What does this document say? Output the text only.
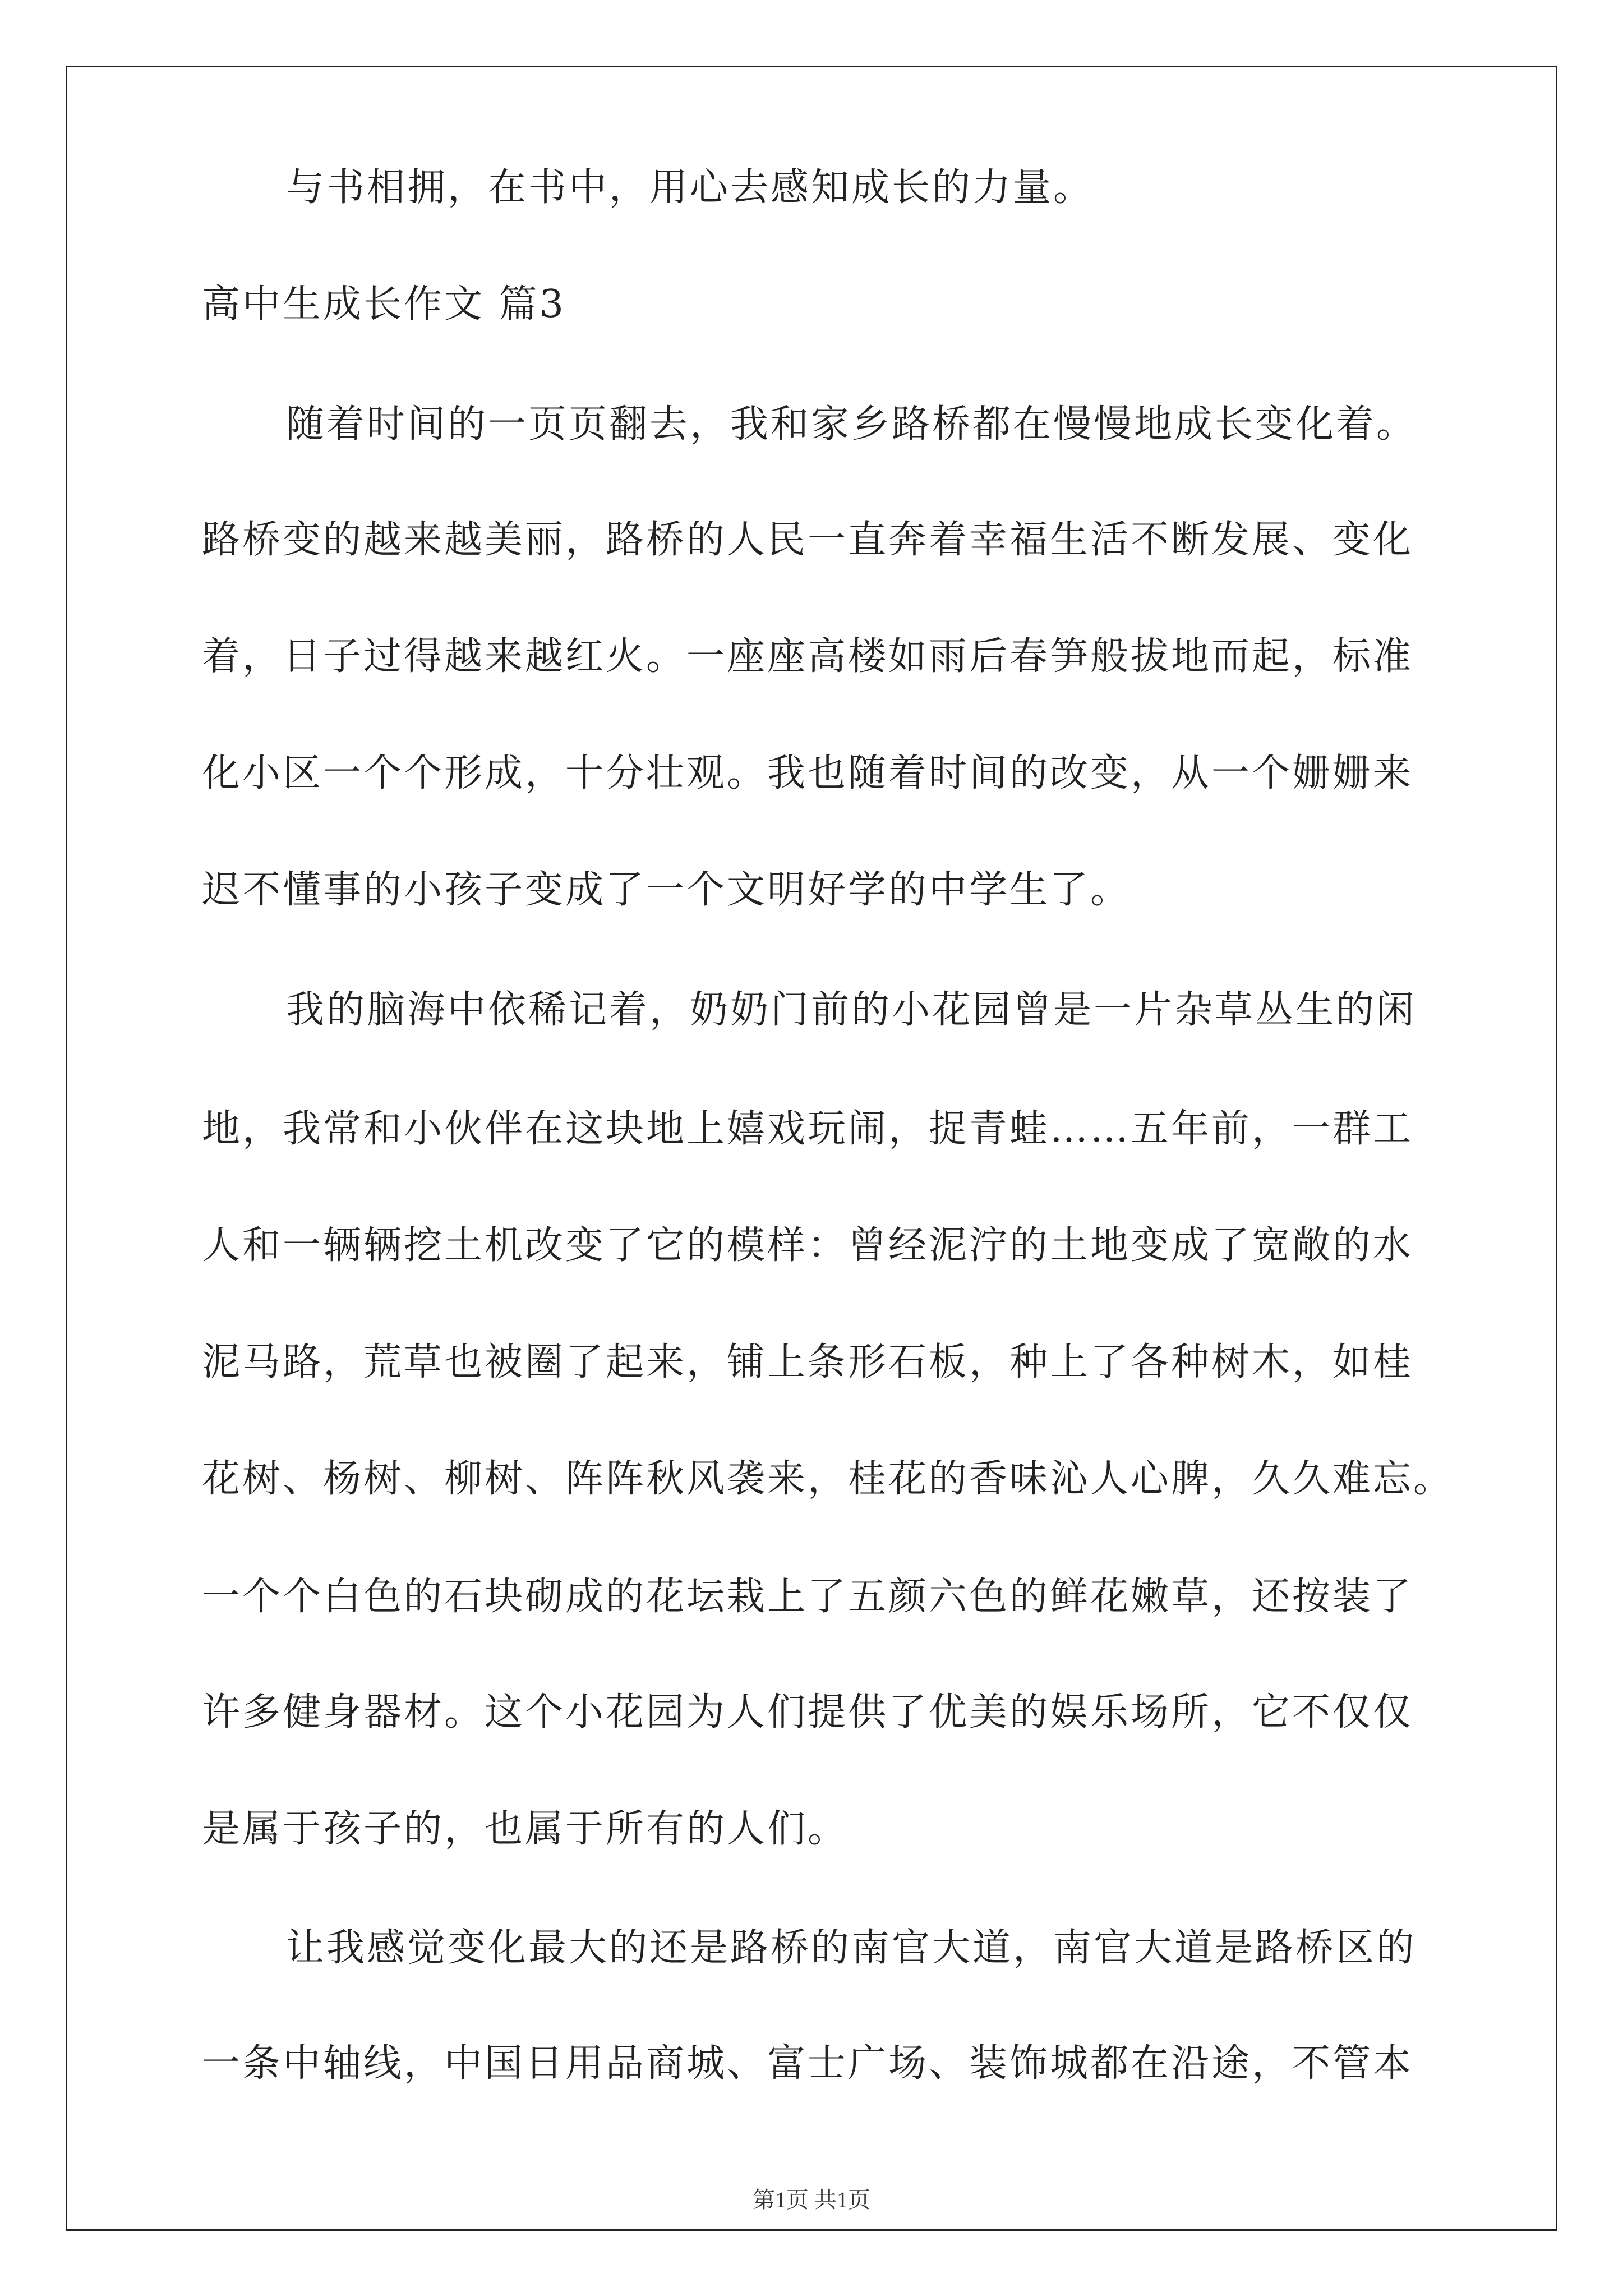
与书相拥，在书中，用心去感知成长的力量。
高中生成长作文 篇3
随着时间的一页页翻去，我和家乡路桥都在慢慢地成长变化着。
路桥变的越来越美丽，路桥的人民一直奔着幸福生活不断发展、变化
着，日子过得越来越红火。一座座高楼如雨后春笋般拔地而起，标准
化小区一个个形成，十分壮观。我也随着时间的改变，从一个姗姗来
迟不懂事的小孩子变成了一个文明好学的中学生了。
我的脑海中依稀记着，奶奶门前的小花园曾是一片杂草丛生的闲
地，我常和小伙伴在这块地上嬉戏玩闹，捉青蛙……五年前，一群工
人和一辆辆挖土机改变了它的模样：曾经泥泞的土地变成了宽敞的水
泥马路，荒草也被圈了起来，铺上条形石板，种上了各种树木，如桂
花树、杨树、柳树、阵阵秋风袭来，桂花的香味沁人心脾，久久难忘。
一个个白色的石块砌成的花坛栽上了五颜六色的鲜花嫩草，还按装了
许多健身器材。这个小花园为人们提供了优美的娱乐场所，它不仅仅
是属于孩子的，也属于所有的人们。
让我感觉变化最大的还是路桥的南官大道，南官大道是路桥区的
一条中轴线，中国日用品商城、富士广场、装饰城都在沿途，不管本
第1页 共1页
